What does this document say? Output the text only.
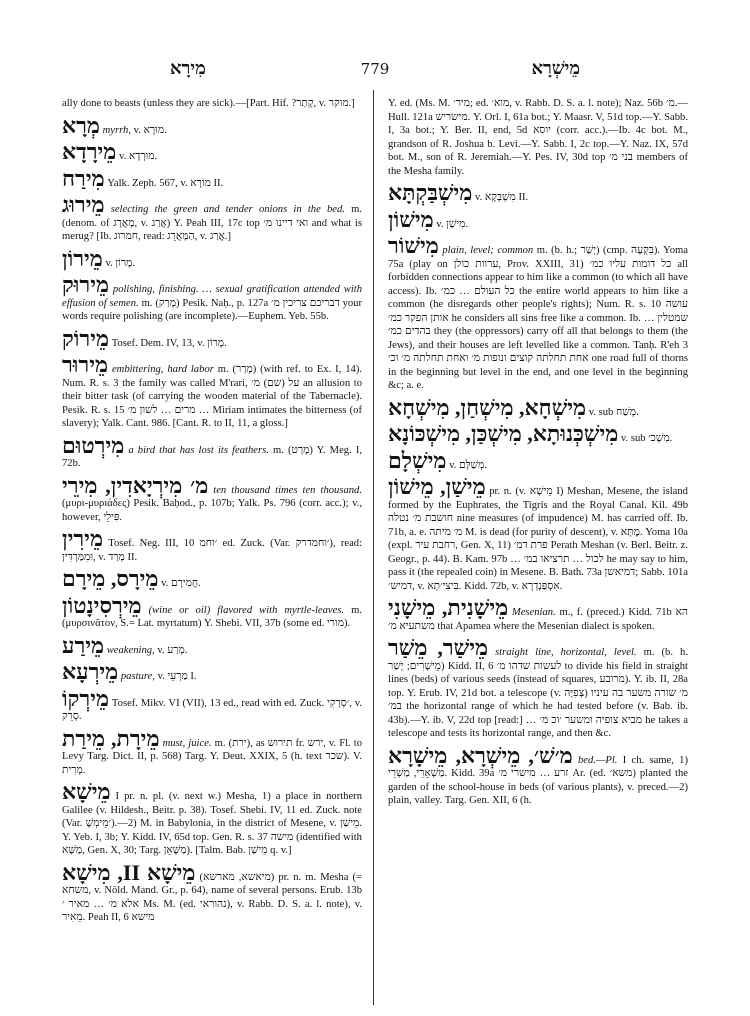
מִירָא	779	מֵישְׁרָא

ally done to beasts (unless they are sick).—[Part. Hif. ?קָתַר, v. מוקר.]

מְרָא myrrh, v. מוּרָא.

מֵירָדָא v. מוּרְדָא.

מִירַח Yalk. Zeph. 567, v. מוֹרָא II.

מֵירוּג selecting the green and tender onions in the bed. m. (denom. of מָאֲרָג, v. אֲרַג) Y. Peah III, 17c top ואי דיינו מ׳ and what is merug? [Ib. חמרוג, read: הַמָּאֲרֵג, v. אֲרַג.]

מֵירוֹן v. מָרוֹן.

מֵירוּק polishing, finishing. … sexual gratification attended with effusion of semen. m. (מָרַק) Pesik. Naḥ., p. 127a דבריכם צריכין מ׳ your words require polishing (are incomplete).—Euphem. Yeb. 55b.

מֵירוֹק Tosef. Dem. IV, 13, v. מָרוֹן.

מֵירוּר embittering, hard labor m. (מָרַר) (with ref. to Ex. I, 14). Num. R. s. 3 the family was called M'rari, על (שם) מ׳ an allusion to their bitter task (of carrying the wooden material of the Tabernacle). Pesik. R. s. 15 מרים … לשון מ׳ … Miriam intimates the bitterness (of slavery); Yalk. Cant. 986. [Cant. R. to II, 11, a gloss.]

מִירְטוּם a bird that has lost its feathers. m. (מָרַט) Y. Meg. I, 72b.

מ׳ מִירְיָאדִין, מִירֵי ten thousand times ten thousand. (μυρι-μυριάδες) Pesik. Baḥod., p. 107b; Yalk. Ps. 796 (corr. acc.); v., however, פִּילֵי.

מֵירִין Tosef. Neg. III, 10 ׳וחמ ed. Zuck. (Var. ׳וחמדרק), read: וּמִמַּרְדִּין, v. מְרַד II.

מֵירָס, מֵירָם v. חֲמִירָם.

מֵירְסִינָטוֹן (wine or oil) flavored with myrtle-leaves. m. (μυρσινᾶτον, S.= Lat. myrtatum) Y. Shebi. VII, 37b (some ed. מורי).

מֵירַע weakening, v. מְרַע.

מֵירְעָא pasture, v. מַרְעֵי I.

מֵירְקוֹ Tosef. Mikv. VI (VII), 13 ed., read with ed. Zuck. ׳סְרְקִי, v. סָרֵק.

מֵירָת, מֵירַת must, juice. m. (ירת), as תירוש fr. ירש, v. Fl. to Levy Targ. Dict. II, p. 568) Targ. Y. Deut. XXIX, 5 (h. text שכר). V. מְרִית.

מֵישָׁא I pr. n. pl. (v. next w.) Mesha, 1) a place in northern Galilee (v. Hildesh., Beitr. p. 38). Tosef. Shebi. IV, 11 ed. Zuck. note (Var. ׳מֵימְשָׁ).—2) M. in Babylonia, in the district of Mesene, v. מֵישַׁן. Y. Yeb. I, 3b; Y. Kidd. IV, 65d top. Gen. R. s. 37 מישה (identified with מַשָּׁא, Gen. X, 30; Targ. מַשָּׁאֵן). [Talm. Bab. מֵישַׁן q. v.]

מֵישָׁא II, מִישָׁא (מיאשא, מארשא) pr. n. m. Mesha (= משחא, v. Nöld. Mand. Gr., p. 64), name of several persons. Erub. 13b אלא מ׳ … מאיר ׳ Ms. M. (ed. נהוראי), v. Rabb. D. S. a. l. note), v. מֵאִיר. Peah II, 6 מישא

Y. ed. (Ms. M. מיר׳; ed. מוא׳, v. Rabb. D. S. a. l. note); Naz. 56b מ׳.—Hull. 121a מישריש. Y. Orl. I, 61a bot.; Y. Maasr. V, 51d top.—Y. Sabb. I, 3a bot.; Y. Ber. II, end, 5d יוסא (corr. acc.).—Ib. 4c bot. M., grandson of R. Joshua b. Levi.—Y. Sabb. I, 2c top.—Y. Naz. IX, 57d bot. M., son of R. Jeremiah.—Y. Pes. IV, 30d top בני מ׳ members of the Mesha family.

מִישְׁבַּקְתָּא v. מִשְׁבְּקָא II.

מִישׁוֹן v. מִישַׁן.

מִישׁוֹר plain, level; common m. (b. h.; יָשַׁר) (cmp. בִּקְעָה). Yoma 75a (play on ערוות כולן, Prov. XXIII, 31) כל דומות עליו כמ׳ all forbidden connections appear to him like a common (to which all have access). Ib. כל העולם … כמ׳ the entire world appears to him like a common (he disregards other people's rights); Num. R. s. 10 עושה אותן הפקר כמ׳ he considers all sins free like a common. Ib. שמטלין … בהדים כמ׳ they (the oppressors) carry off all that belongs to them (the Jews), and their houses are left levelled like a common. Tanḥ. R'eh 3 אחת תחלתה קוצים ונופות מ׳ ואחת תחלתה מ׳ וכ׳ one road full of thorns in the beginning but level in the end, and one level in the beginning &c; a. e.

מִישְׁחָא, מִישְׁחַן, מִישְׁחָא v. sub מְשַׁח.

מִישְׁכְּנוּתָא, מִישְׁכַּן, מִישְׁכּוֹנָא v. sub מִשְׁכ׳.

מִישְׁלָם v. מְשַׁלָּם.

מֵישַׁן, מֵישׁוֹן pr. n. (v. מֵישָׁא I) Meshan, Mesene, the island formed by the Euphrates, the Tigris and the Royal Canal. Kil. 49b חושבת מ׳ נטלה nine measures (of impudence) M. has carried off. Ib. 71b, a. e. מ׳ מיתה M. is dead (for purity of descent), v. מֶתָּא. Yoma 10a (expl. רחבת עיר, Gen. X, 11) פרת דמ׳ Perath Meshan (v. Berl. Beitr. z. Geogr., p. 44). B. Kam. 97b … לכול … תרציאו במ׳ he may say to him, pass it (the repealed coin) in Mesene. B. Bath. 73a דמיאשן; Sabb. 101a דמיש׳, v. בִּיצִי׳תָא. Kidd. 72b, v. אִסְפַּנְדְרָא.

מֵישָׁנִית, מֵישָׁנִי Mesenian. m., f. (preced.) Kidd. 71b הא משתעיא מ׳ that Apamea where the Mesenian dialect is spoken.

מֵישַׁר, מֵשַׁר straight line, horizontal, level. m. (b. h. מֵישָׁרִים; יָשַׁר) Kidd. II, 6 לעשות שדהו מ׳ to divide his field in straight lines (beds) of various seeds (instead of squares, מרובע). Y. ib. II, 28a top. Y. Erub. IV, 21d bot. a telescope (v. צְפִיָּה) מ׳ שורה משער בה עיניו במ׳ the horizontal range of which he had tested before (v. Bab. ib. 43b).—Y. ib. V, 22d top [read:] … מביא צופיה ומשער ׳וכ מ׳ he takes a telescope and tests its horizontal range, and then &c.

מ׳שׁ׳, מֵישְׁרָא, מֵישָׁרָא bed.—Pl. I ch. same, 1) מַשְׁאָרֵי, מַשְׁרֵי. Kidd. 39a זרע … מישרי מ׳ Ar. (ed. משא׳) planted the garden of the school-house in beds (of various plants), v. preced.—2) plain, valley. Targ. Gen. XII, 6 (h.
